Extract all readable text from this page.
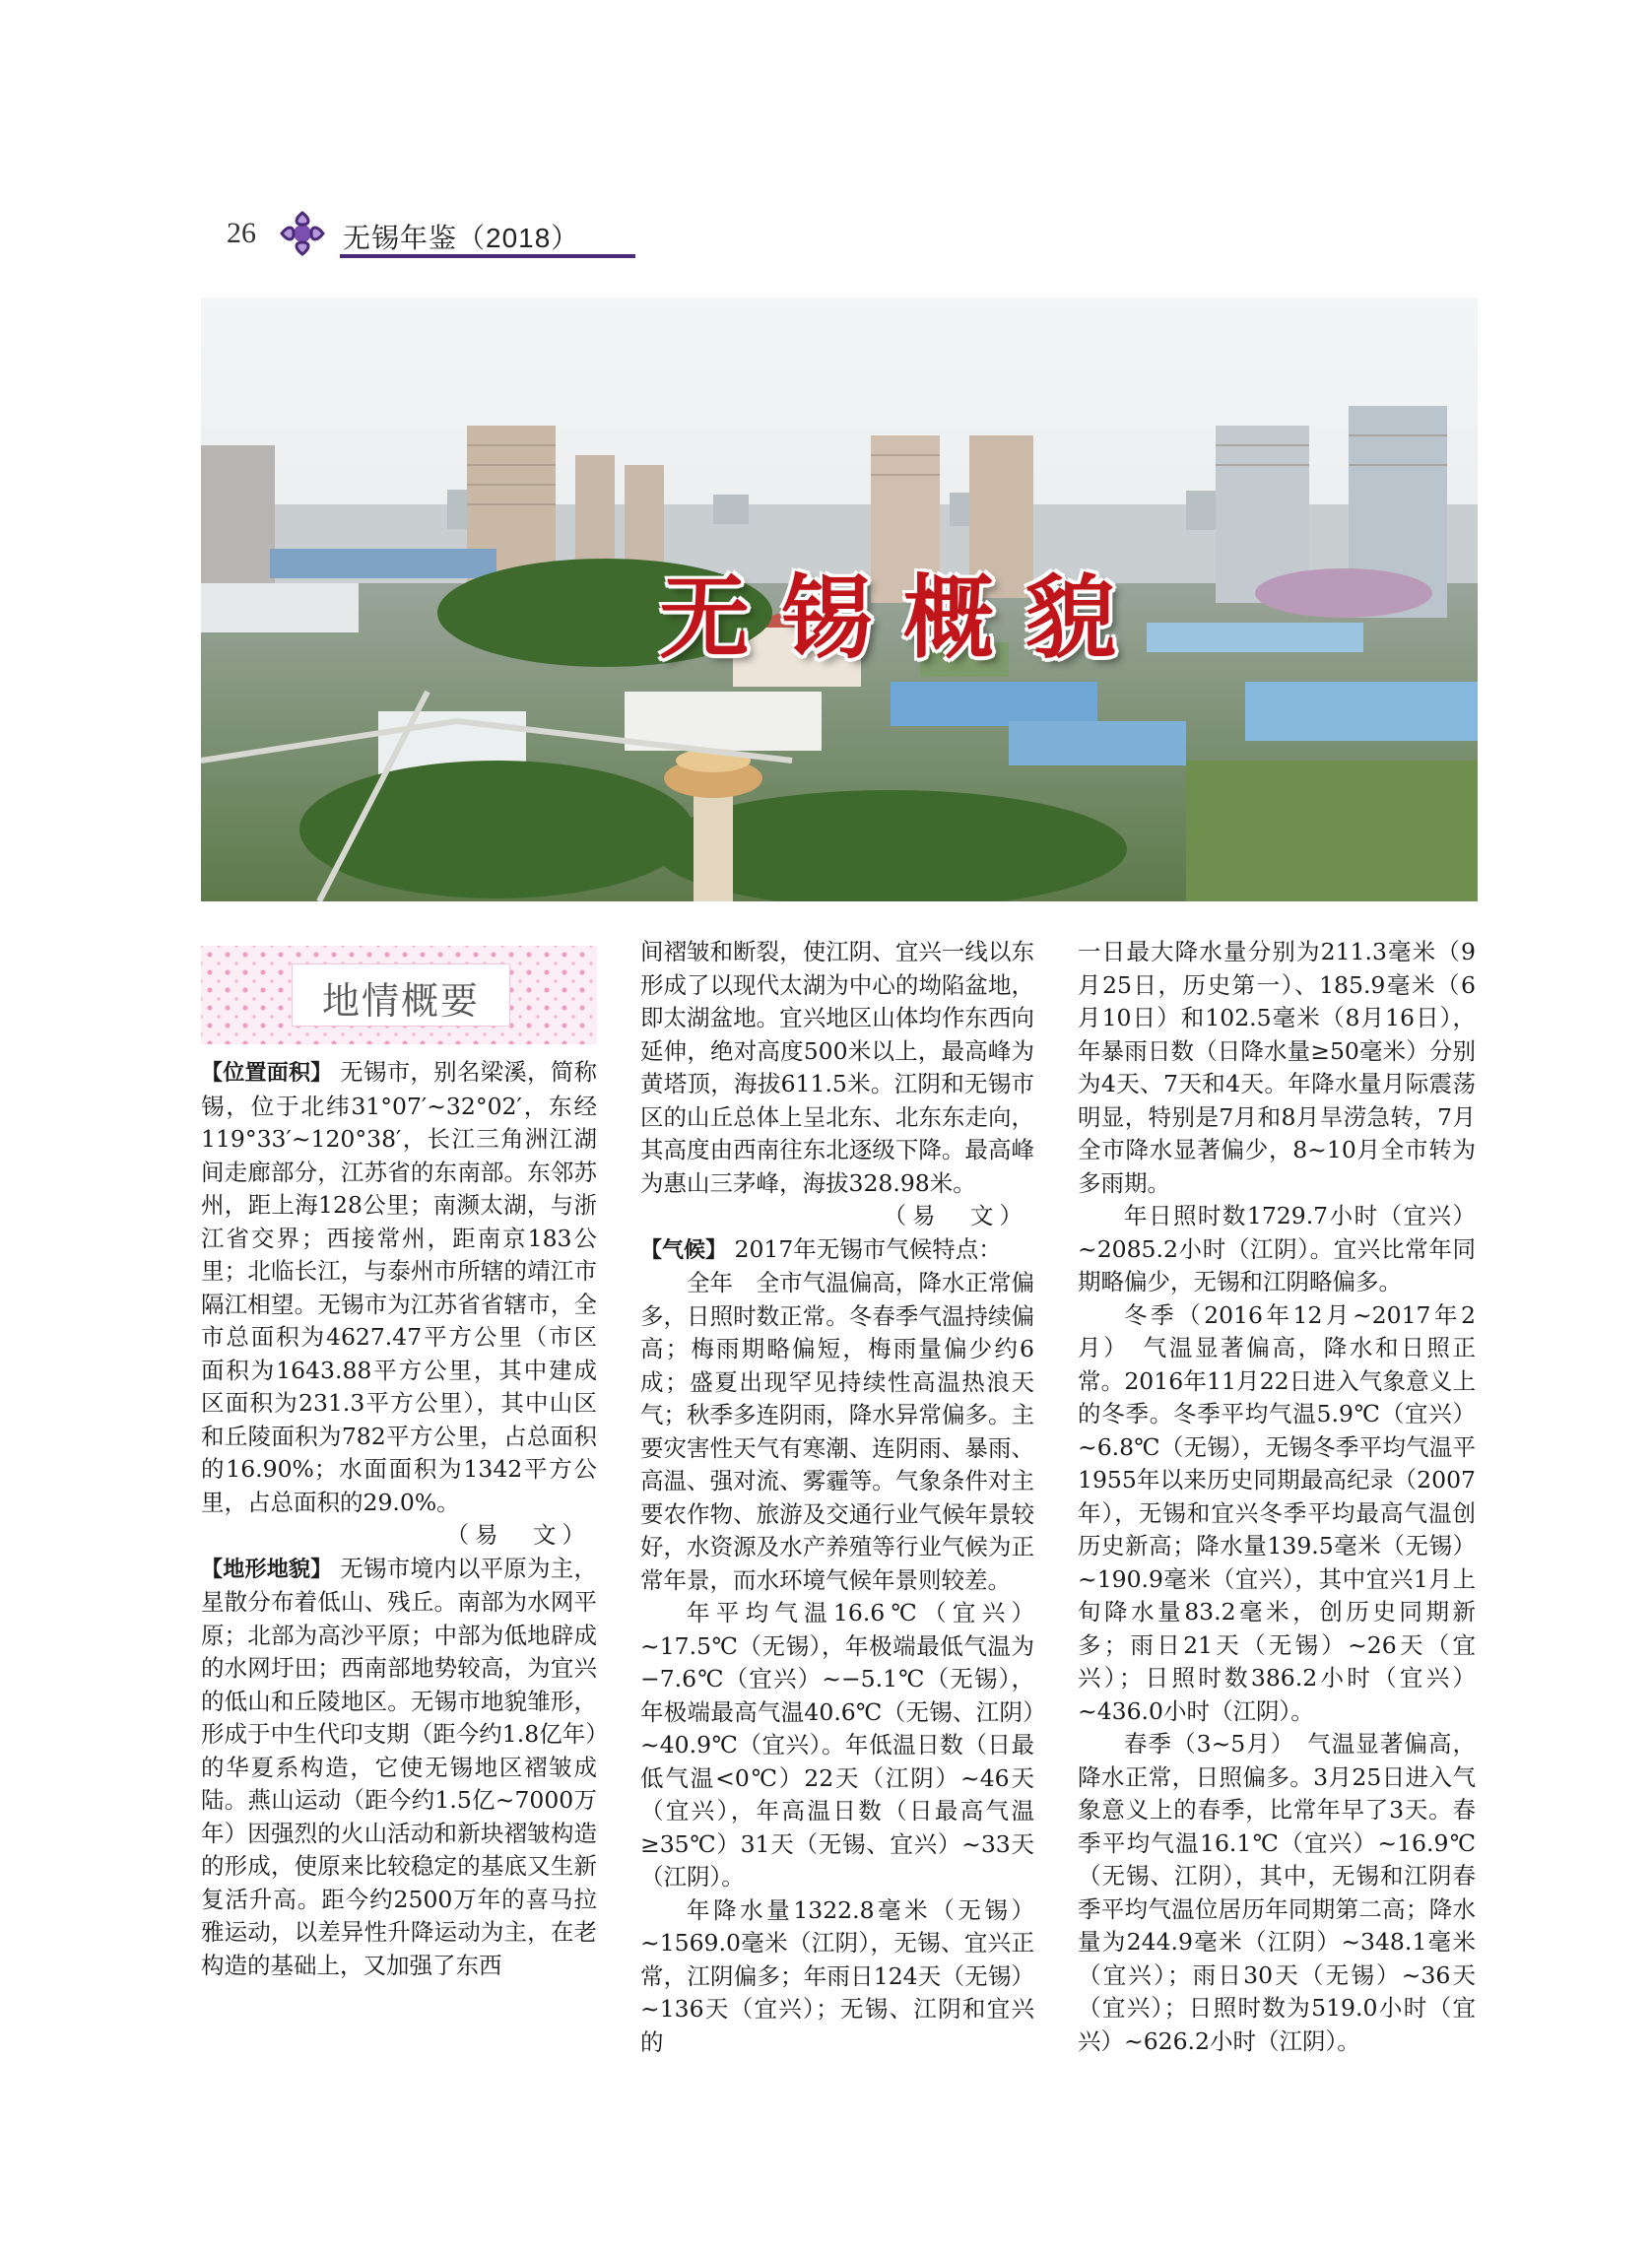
26	无锡年鉴（2018）
无锡概貌
地情概要

【位置面积】 无锡市，别名梁溪，简称锡，位于北纬31°07′~32°02′，东经119°33′~120°38′，长江三角洲江湖间走廊部分，江苏省的东南部。东邻苏州，距上海128公里；南濒太湖，与浙江省交界；西接常州，距南京183公里；北临长江，与泰州市所辖的靖江市隔江相望。无锡市为江苏省省辖市，全市总面积为4627.47平方公里（市区面积为1643.88平方公里，其中建成区面积为231.3平方公里），其中山区和丘陵面积为782平方公里，占总面积的16.90%；水面面积为1342平方公里，占总面积的29.0%。

（易　文）

【地形地貌】 无锡市境内以平原为主，星散分布着低山、残丘。南部为水网平原；北部为高沙平原；中部为低地辟成的水网圩田；西南部地势较高，为宜兴的低山和丘陵地区。无锡市地貌雏形，形成于中生代印支期（距今约1.8亿年）的华夏系构造，它使无锡地区褶皱成陆。燕山运动（距今约1.5亿~7000万年）因强烈的火山活动和新块褶皱构造的形成，使原来比较稳定的基底又生新复活升高。距今约2500万年的喜马拉雅运动，以差异性升降运动为主，在老构造的基础上，又加强了东西

间褶皱和断裂，使江阴、宜兴一线以东形成了以现代太湖为中心的坳陷盆地，即太湖盆地。宜兴地区山体均作东西向延伸，绝对高度500米以上，最高峰为黄塔顶，海拔611.5米。江阴和无锡市区的山丘总体上呈北东、北东东走向，其高度由西南往东北逐级下降。最高峰为惠山三茅峰，海拔328.98米。

（易　文）

【气候】 2017年无锡市气候特点：

全年　全市气温偏高，降水正常偏多，日照时数正常。冬春季气温持续偏高；梅雨期略偏短，梅雨量偏少约6成；盛夏出现罕见持续性高温热浪天气；秋季多连阴雨，降水异常偏多。主要灾害性天气有寒潮、连阴雨、暴雨、高温、强对流、雾霾等。气象条件对主要农作物、旅游及交通行业气候年景较好，水资源及水产养殖等行业气候为正常年景，而水环境气候年景则较差。

年平均气温16.6℃（宜兴）~17.5℃（无锡），年极端最低气温为−7.6℃（宜兴）~−5.1℃（无锡），年极端最高气温40.6℃（无锡、江阴）~40.9℃（宜兴）。年低温日数（日最低气温<0℃）22天（江阴）~46天（宜兴），年高温日数（日最高气温≥35℃）31天（无锡、宜兴）~33天（江阴）。

年降水量1322.8毫米（无锡）~1569.0毫米（江阴），无锡、宜兴正常，江阴偏多；年雨日124天（无锡）~136天（宜兴）；无锡、江阴和宜兴的

一日最大降水量分别为211.3毫米（9月25日，历史第一）、185.9毫米（6月10日）和102.5毫米（8月16日），年暴雨日数（日降水量≥50毫米）分别为4天、7天和4天。年降水量月际震荡明显，特别是7月和8月旱涝急转，7月全市降水显著偏少，8~10月全市转为多雨期。

年日照时数1729.7小时（宜兴）~2085.2小时（江阴）。宜兴比常年同期略偏少，无锡和江阴略偏多。

冬季（2016年12月~2017年2月）　气温显著偏高，降水和日照正常。2016年11月22日进入气象意义上的冬季。冬季平均气温5.9℃（宜兴）~6.8℃（无锡），无锡冬季平均气温平1955年以来历史同期最高纪录（2007年），无锡和宜兴冬季平均最高气温创历史新高；降水量139.5毫米（无锡）~190.9毫米（宜兴），其中宜兴1月上旬降水量83.2毫米，创历史同期新多；雨日21天（无锡）~26天（宜兴）；日照时数386.2小时（宜兴）~436.0小时（江阴）。

春季（3~5月）　气温显著偏高，降水正常，日照偏多。3月25日进入气象意义上的春季，比常年早了3天。春季平均气温16.1℃（宜兴）~16.9℃（无锡、江阴），其中，无锡和江阴春季平均气温位居历年同期第二高；降水量为244.9毫米（江阴）~348.1毫米（宜兴）；雨日30天（无锡）~36天（宜兴）；日照时数为519.0小时（宜兴）~626.2小时（江阴）。
